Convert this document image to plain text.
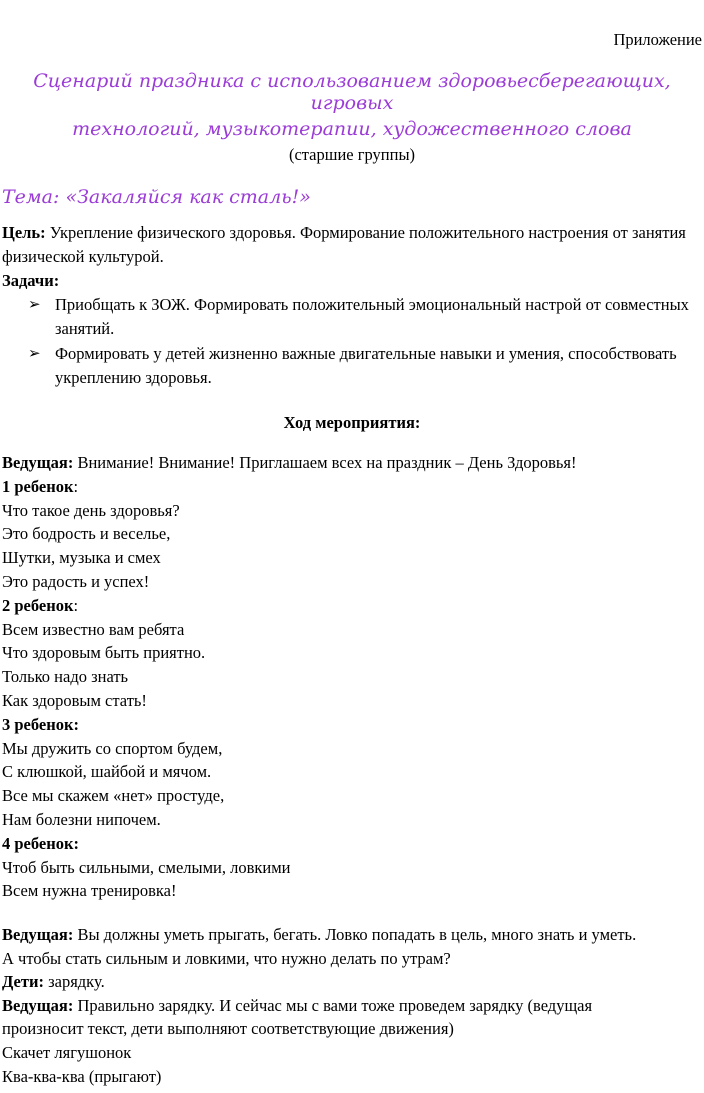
Приложение
Сценарий праздника с использованием здоровьесберегающих, игровых
технологий, музыкотерапии, художественного слова
(старшие группы)
Тема: «Закаляйся как сталь!»
Цель: Укрепление физического здоровья. Формирование положительного настроения от занятия физической культурой.
Задачи:
➢ Приобщать к ЗОЖ. Формировать положительный эмоциональный настрой от совместных занятий.
➢ Формировать у детей жизненно важные двигательные навыки и умения, способствовать укреплению здоровья.
Ход мероприятия:
Ведущая: Внимание! Внимание! Приглашаем всех на праздник – День Здоровья!
1 ребенок:
Что такое день здоровья?
Это бодрость и веселье,
Шутки, музыка и смех
Это радость и успех!
2 ребенок:
Всем известно вам ребята
Что здоровым быть приятно.
Только надо знать
Как здоровым стать!
3 ребенок:
Мы дружить со спортом будем,
С клюшкой, шайбой и мячом.
Все мы скажем «нет» простуде,
Нам болезни нипочем.
4 ребенок:
Чтоб быть сильными, смелыми, ловкими
Всем нужна тренировка!
Ведущая: Вы должны уметь прыгать, бегать. Ловко попадать в цель, много знать и уметь.
А чтобы стать сильным и ловкими, что нужно делать по утрам?
Дети: зарядку.
Ведущая: Правильно зарядку. И сейчас мы с вами тоже проведем зарядку (ведущая
произносит текст, дети выполняют соответствующие движения)
Скачет лягушонок
Ква-ква-ква (прыгают)
